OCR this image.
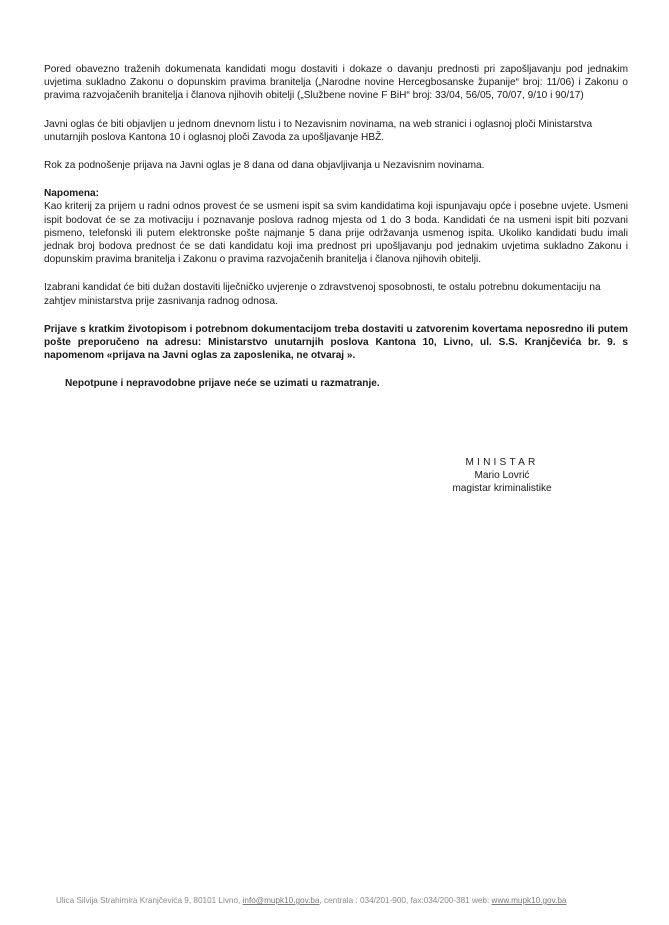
Pored obavezno traženih dokumenata kandidati mogu dostaviti i dokaze o davanju prednosti pri zapošljavanju pod jednakim uvjetima sukladno Zakonu o dopunskim pravima branitelja („Narodne novine Hercegbosanske županije“ broj: 11/06) i Zakonu o pravima razvojačenih branitelja i članova njihovih obitelji („Službene novine F BiH“ broj: 33/04, 56/05, 70/07, 9/10 i 90/17)

Javni oglas će biti objavljen u jednom dnevnom listu i to Nezavisnim novinama, na web stranici i oglasnoj ploči Ministarstva unutarnjih poslova Kantona 10 i oglasnoj ploči Zavoda za upošljavanje HBŽ.

Rok za podnošenje prijava na Javni oglas je 8 dana od dana objavljivanja u Nezavisnim novinama.

Napomena:

Kao kriterij za prijem u radni odnos provest će se usmeni ispit sa svim kandidatima koji ispunjavaju opće i posebne uvjete. Usmeni ispit bodovat će se za motivaciju i poznavanje poslova radnog mjesta od 1 do 3 boda. Kandidati će na usmeni ispit biti pozvani pismeno, telefonski ili putem elektronske pošte najmanje 5 dana prije održavanja usmenog ispita. Ukoliko kandidati budu imali jednak broj bodova prednost će se dati kandidatu koji ima prednost pri upošljavanju pod jednakim uvjetima sukladno Zakonu i dopunskim pravima branitelja i Zakonu o pravima razvojačenih branitelja i članova njihovih obitelji.

Izabrani kandidat će biti dužan dostaviti liječničko uvjerenje o zdravstvenoj sposobnosti, te ostalu potrebnu dokumentaciju na zahtjev ministarstva prije zasnivanja radnog odnosa.

Prijave s kratkim životopisom i potrebnom dokumentacijom treba dostaviti u zatvorenim kovertama neposredno ili putem pošte preporučeno na adresu: Ministarstvo unutarnjih poslova Kantona 10, Livno, ul. S.S. Kranjčevića br. 9. s napomenom «prijava na Javni oglas za zaposlenika, ne otvaraj ».

Nepotpune i nepravodobne prijave neće se uzimati u razmatranje.

MINISTAR
Mario Lovrić
magistar kriminalistike
Ulica Silvija Strahimira Kranjčevića 9, 80101 Livno, info@mupk10.gov.ba, centrala : 034/201-900, fax:034/200-381 web: www.mupk10.gov.ba
